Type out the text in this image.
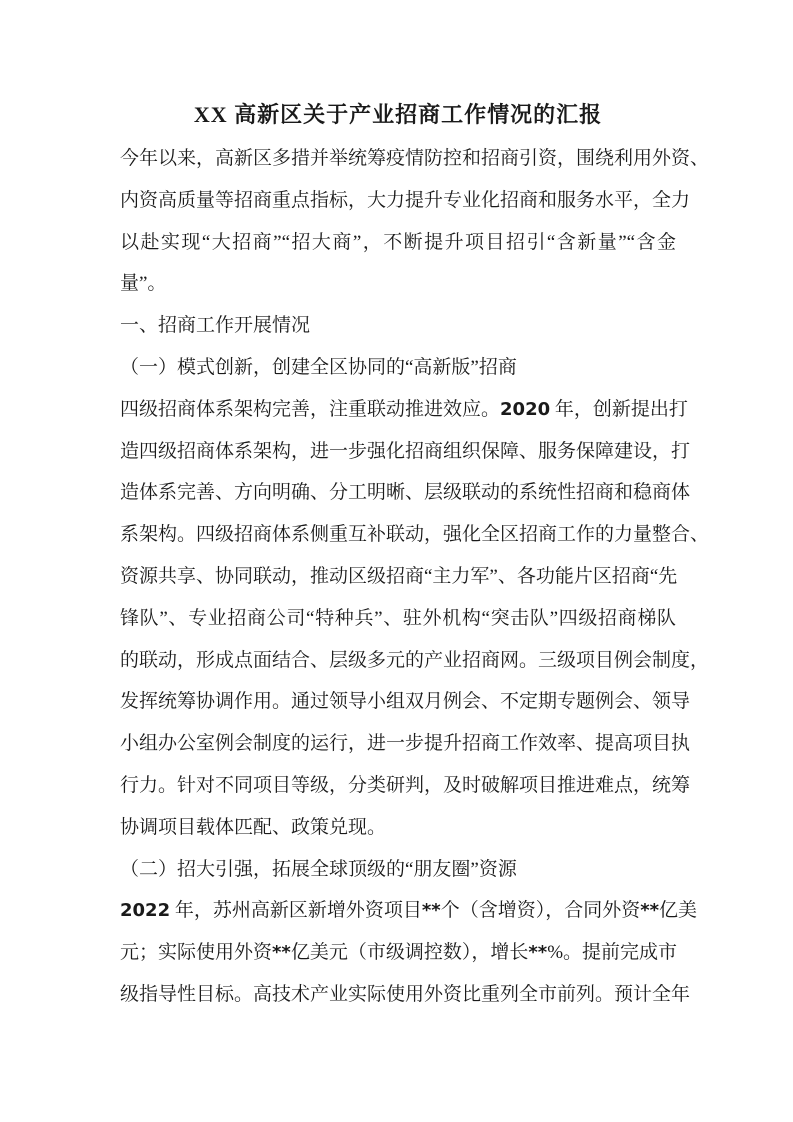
XX 高新区关于产业招商工作情况的汇报
今年以来，高新区多措并举统筹疫情防控和招商引资，围绕利用外资、
内资高质量等招商重点指标，大力提升专业化招商和服务水平，全力
以赴实现“大招商”“招大商”，不断提升项目招引“含新量”“含金
量”。
一、招商工作开展情况
（一）模式创新，创建全区协同的“高新版”招商
四级招商体系架构完善，注重联动推进效应。2020 年，创新提出打
造四级招商体系架构，进一步强化招商组织保障、服务保障建设，打
造体系完善、方向明确、分工明晰、层级联动的系统性招商和稳商体
系架构。四级招商体系侧重互补联动，强化全区招商工作的力量整合、
资源共享、协同联动，推动区级招商“主力军”、各功能片区招商“先
锋队”、专业招商公司“特种兵”、驻外机构“突击队”四级招商梯队
的联动，形成点面结合、层级多元的产业招商网。三级项目例会制度，
发挥统筹协调作用。通过领导小组双月例会、不定期专题例会、领导
小组办公室例会制度的运行，进一步提升招商工作效率、提高项目执
行力。针对不同项目等级，分类研判，及时破解项目推进难点，统筹
协调项目载体匹配、政策兑现。
（二）招大引强，拓展全球顶级的“朋友圈”资源
2022 年，苏州高新区新增外资项目**个（含增资），合同外资**亿美
元；实际使用外资**亿美元（市级调控数），增长**%。提前完成市
级指导性目标。高技术产业实际使用外资比重列全市前列。预计全年
